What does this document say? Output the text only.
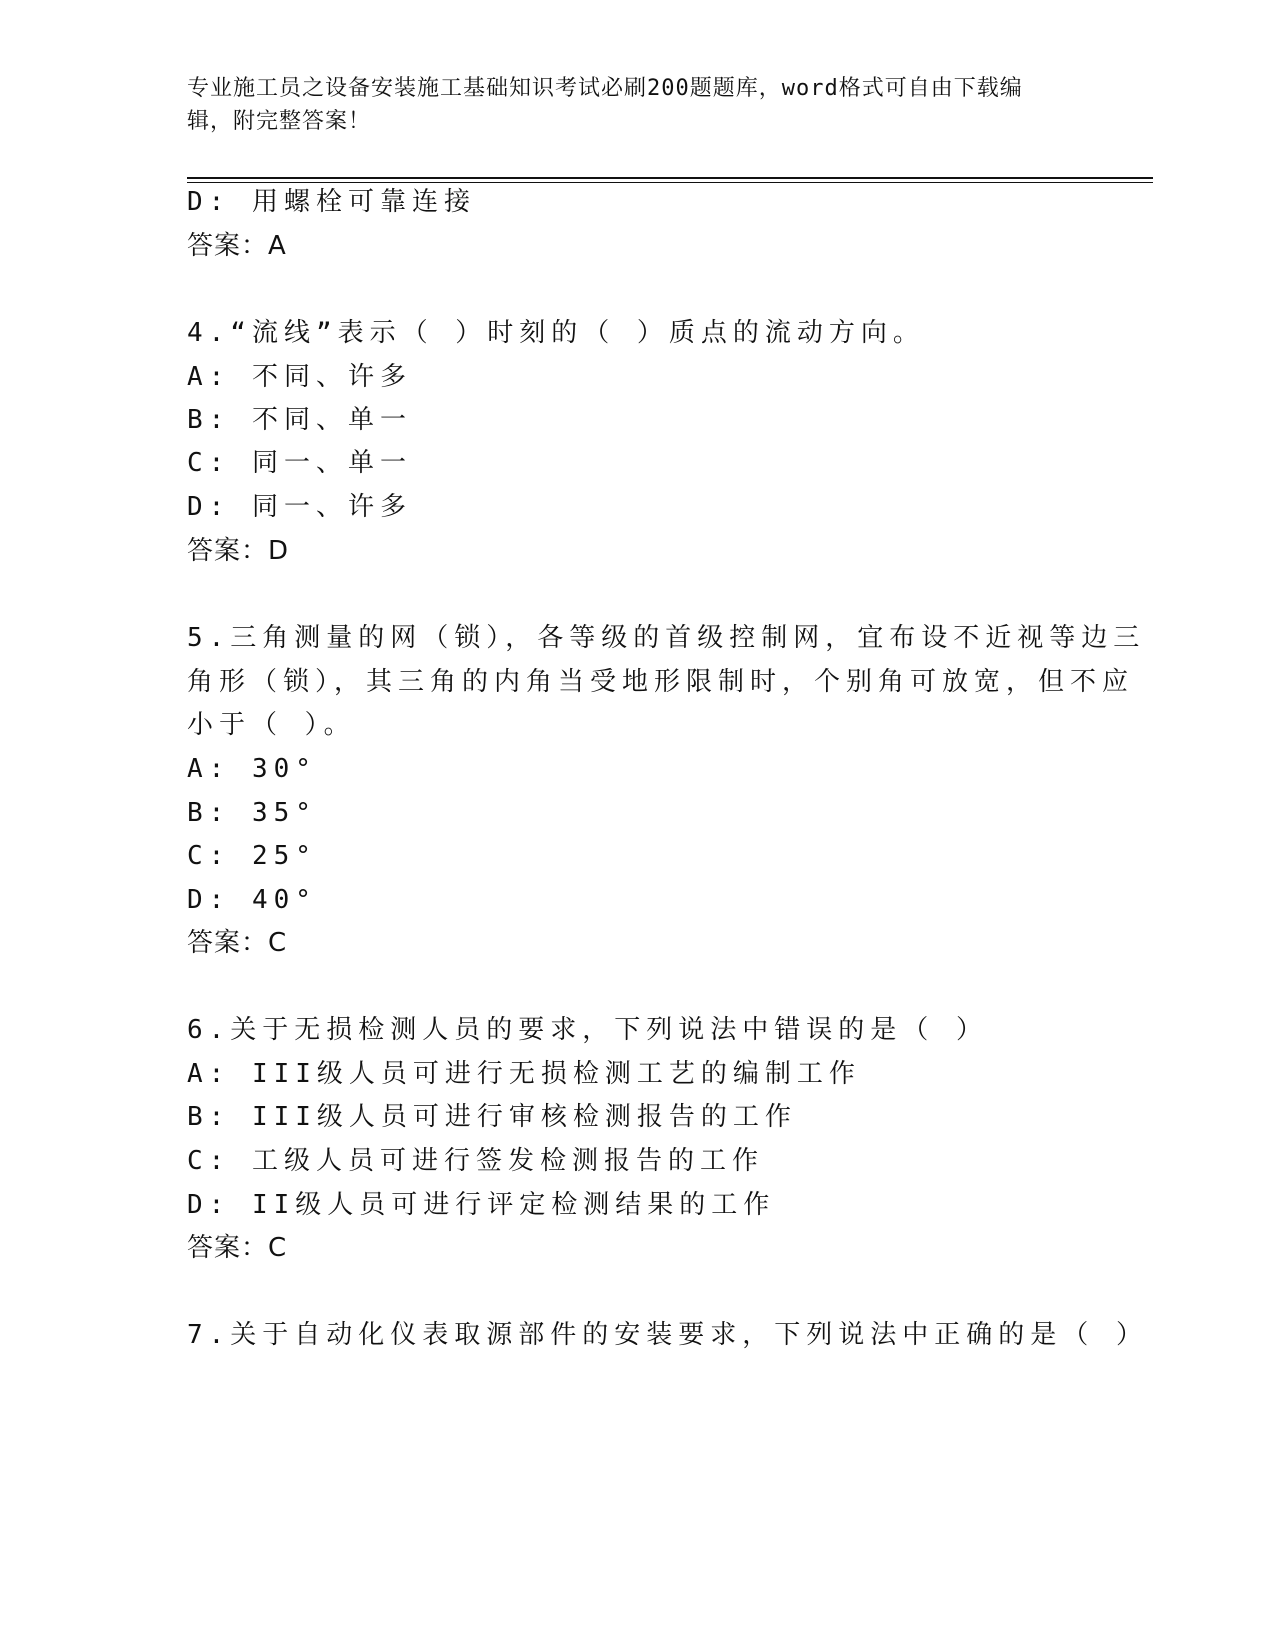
专业施工员之设备安装施工基础知识考试必刷200题题库，word格式可自由下载编辑，附完整答案！
D: 用螺栓可靠连接
答案：A
4.“流线”表示（ ）时刻的（ ）质点的流动方向。
A: 不同、许多
B: 不同、单一
C: 同一、单一
D: 同一、许多
答案：D
5.三角测量的网（锁），各等级的首级控制网，宜布设不近视等边三
角形（锁），其三角的内角当受地形限制时，个别角可放宽，但不应
小于（ ）。
A: 30°
B: 35°
C: 25°
D: 40°
答案：C
6.关于无损检测人员的要求，下列说法中错误的是（ ）
A: III级人员可进行无损检测工艺的编制工作
B: III级人员可进行审核检测报告的工作
C: 工级人员可进行签发检测报告的工作
D: II级人员可进行评定检测结果的工作
答案：C
7.关于自动化仪表取源部件的安装要求，下列说法中正确的是（ ）
